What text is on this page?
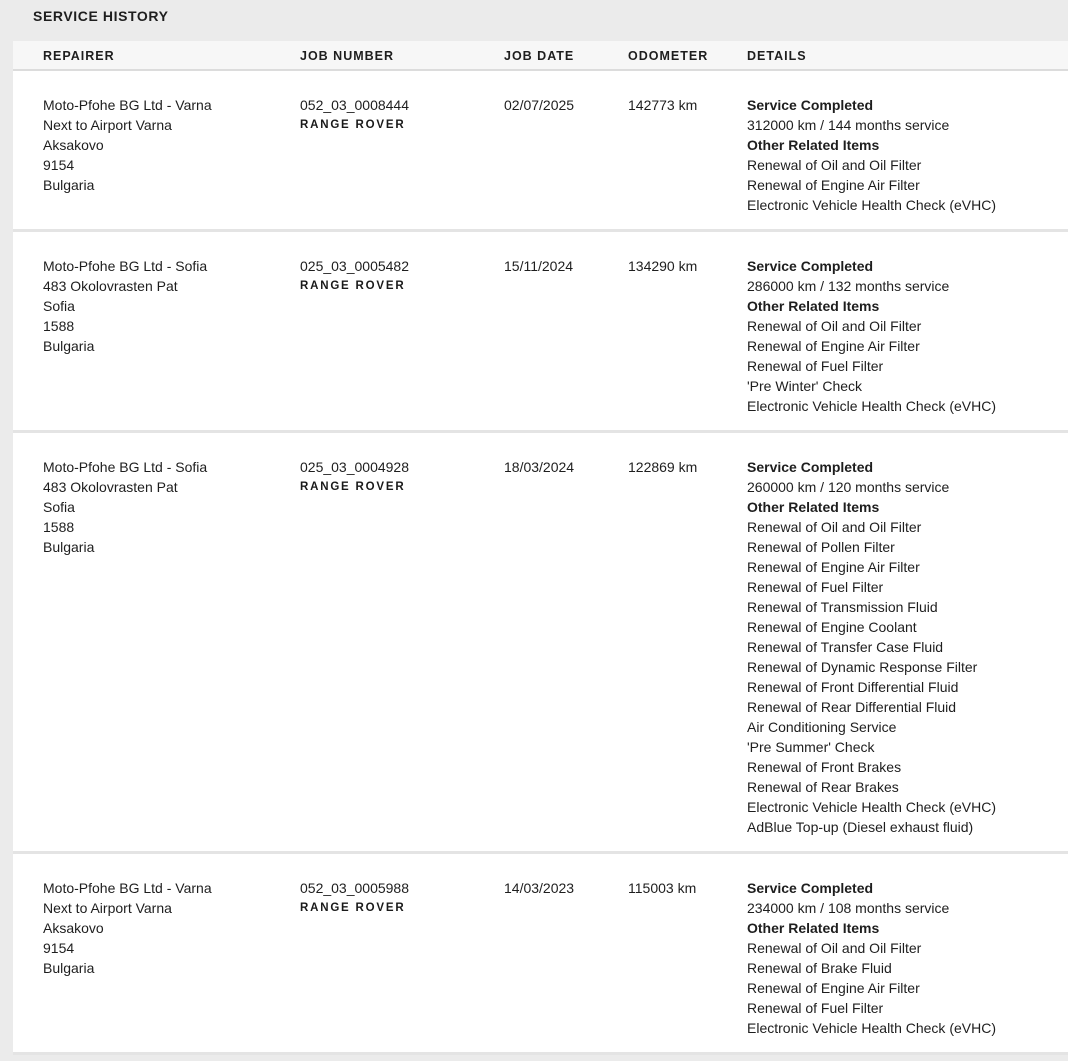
SERVICE HISTORY
REPAIRER	JOB NUMBER	JOB DATE	ODOMETER	DETAILS
Moto-Pfohe BG Ltd - Varna
Next to Airport Varna
Aksakovo
9154
Bulgaria
052_03_0008444
RANGE ROVER
02/07/2025	142773 km	Service Completed
312000 km / 144 months service
Other Related Items
Renewal of Oil and Oil Filter
Renewal of Engine Air Filter
Electronic Vehicle Health Check (eVHC)
Moto-Pfohe BG Ltd - Sofia
483 Okolovrasten Pat
Sofia
1588
Bulgaria
025_03_0005482
RANGE ROVER
15/11/2024	134290 km	Service Completed
286000 km / 132 months service
Other Related Items
Renewal of Oil and Oil Filter
Renewal of Engine Air Filter
Renewal of Fuel Filter
'Pre Winter' Check
Electronic Vehicle Health Check (eVHC)
Moto-Pfohe BG Ltd - Sofia
483 Okolovrasten Pat
Sofia
1588
Bulgaria
025_03_0004928
RANGE ROVER
18/03/2024	122869 km	Service Completed
260000 km / 120 months service
Other Related Items
Renewal of Oil and Oil Filter
Renewal of Pollen Filter
Renewal of Engine Air Filter
Renewal of Fuel Filter
Renewal of Transmission Fluid
Renewal of Engine Coolant
Renewal of Transfer Case Fluid
Renewal of Dynamic Response Filter
Renewal of Front Differential Fluid
Renewal of Rear Differential Fluid
Air Conditioning Service
'Pre Summer' Check
Renewal of Front Brakes
Renewal of Rear Brakes
Electronic Vehicle Health Check (eVHC)
AdBlue Top-up (Diesel exhaust fluid)
Moto-Pfohe BG Ltd - Varna
Next to Airport Varna
Aksakovo
9154
Bulgaria
052_03_0005988
RANGE ROVER
14/03/2023	115003 km	Service Completed
234000 km / 108 months service
Other Related Items
Renewal of Oil and Oil Filter
Renewal of Brake Fluid
Renewal of Engine Air Filter
Renewal of Fuel Filter
Electronic Vehicle Health Check (eVHC)
